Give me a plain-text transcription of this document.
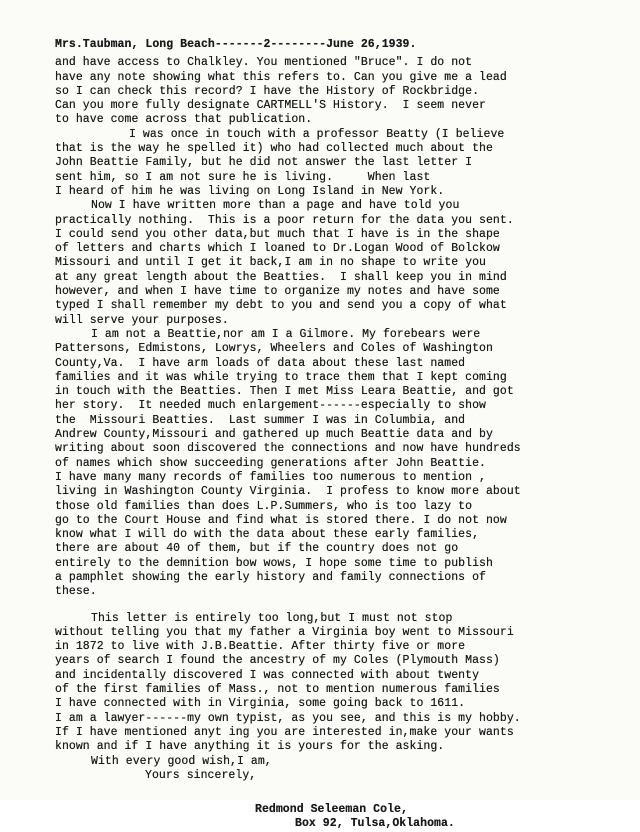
Mrs.Taubman, Long Beach-------2--------June 26,1939.
and have access to Chalkley. You mentioned "Bruce". I do not
have any note showing what this refers to. Can you give me a lead
so I can check this record? I have the History of Rockbridge.
Can you more fully designate CARTMELL'S History.  I seem never
to have come across that publication.
I was once in touch with a professor Beatty (I believe
that is the way he spelled it) who had collected much about the
John Beattie Family, but he did not answer the last letter I
sent him, so I am not sure he is living.     When last
I heard of him he was living on Long Island in New York.
Now I have written more than a page and have told you
practically nothing.  This is a poor return for the data you sent.
I could send you other data,but much that I have is in the shape
of letters and charts which I loaned to Dr.Logan Wood of Bolckow
Missouri and until I get it back,I am in no shape to write you
at any great length about the Beatties.  I shall keep you in mind
however, and when I have time to organize my notes and have some
typed I shall remember my debt to you and send you a copy of what
will serve your purposes.
I am not a Beattie,nor am I a Gilmore. My forebears were
Pattersons, Edmistons, Lowrys, Wheelers and Coles of Washington
County,Va.  I have arm loads of data about these last named
families and it was while trying to trace them that I kept coming
in touch with the Beatties. Then I met Miss Leara Beattie, and got
her story.  It needed much enlargement------especially to show
the  Missouri Beatties.  Last summer I was in Columbia, and
Andrew County,Missouri and gathered up much Beattie data and by
writing about soon discovered the connections and now have hundreds
of names which show succeeding generations after John Beattie.
I have many many records of families too numerous to mention ,
living in Washington County Virginia.  I profess to know more about
those old families than does L.P.Summers, who is too lazy to
go to the Court House and find what is stored there. I do not now
know what I will do with the data about these early families,
there are about 40 of them, but if the country does not go
entirely to the demnition bow wows, I hope some time to publish
a pamphlet showing the early history and family connections of
these.
This letter is entirely too long,but I must not stop
without telling you that my father a Virginia boy went to Missouri
in 1872 to live with J.B.Beattie. After thirty five or more
years of search I found the ancestry of my Coles (Plymouth Mass)
and incidentally discovered I was connected with about twenty
of the first families of Mass., not to mention numerous families
I have connected with in Virginia, some going back to 1611.
I am a lawyer------my own typist, as you see, and this is my hobby.
If I have mentioned anyt ing you are interested in,make your wants
known and if I have anything it is yours for the asking.
With every good wish,I am,
Yours sincerely,
Redmond Seleeman Cole,
Box 92, Tulsa,Oklahoma.
